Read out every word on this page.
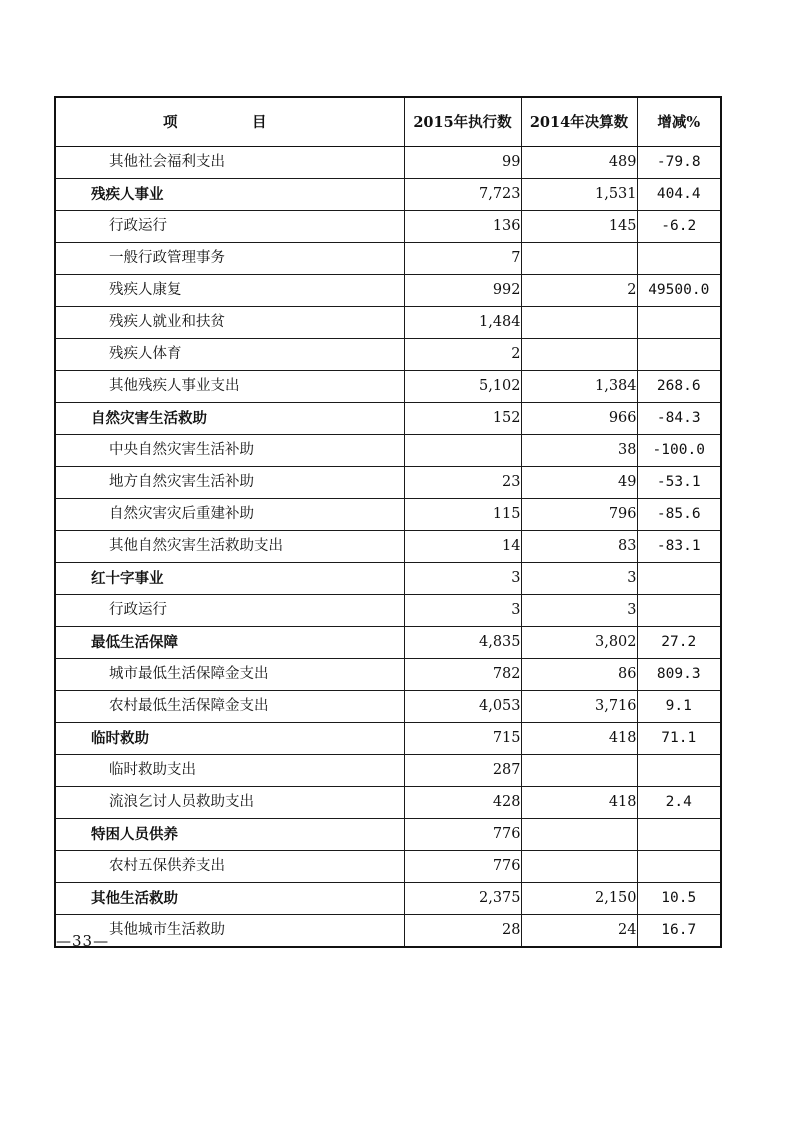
项　目	2015年执行数	2014年决算数	增减%
其他社会福利支出	99	489	-79.8
残疾人事业	7,723	1,531	404.4
行政运行	136	145	-6.2
一般行政管理事务	7		
残疾人康复	992	2	49500.0
残疾人就业和扶贫	1,484		
残疾人体育	2		
其他残疾人事业支出	5,102	1,384	268.6
自然灾害生活救助	152	966	-84.3
中央自然灾害生活补助		38	-100.0
地方自然灾害生活补助	23	49	-53.1
自然灾害灾后重建补助	115	796	-85.6
其他自然灾害生活救助支出	14	83	-83.1
红十字事业	3	3	
行政运行	3	3	
最低生活保障	4,835	3,802	27.2
城市最低生活保障金支出	782	86	809.3
农村最低生活保障金支出	4,053	3,716	9.1
临时救助	715	418	71.1
临时救助支出	287		
流浪乞讨人员救助支出	428	418	2.4
特困人员供养	776		
农村五保供养支出	776		
其他生活救助	2,375	2,150	10.5
其他城市生活救助	28	24	16.7
—33—
